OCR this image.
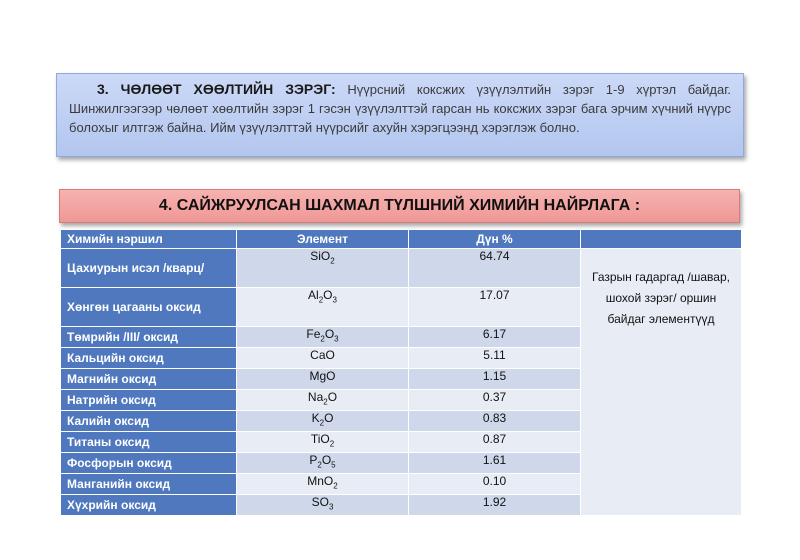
3. ЧӨЛӨӨТ ХӨӨЛТИЙН ЗЭРЭГ: Нүүрсний коксжих үзүүлэлтийн зэрэг 1-9 хүртэл байдаг. Шинжилгээгээр чөлөөт хөөлтийн зэрэг 1 гэсэн үзүүлэлттэй гарсан нь коксжих зэрэг бага эрчим хүчний нүүрс болохыг илтгэж байна. Ийм үзүүлэлттэй нүүрсийг ахуйн хэрэгцээнд хэрэглэж болно.
4. САЙЖРУУЛСАН ШАХМАЛ ТҮЛШНИЙ ХИМИЙН НАЙРЛАГА :
Химийн нэршил	Элемент	Дүн %	
Цахиурын исэл /кварц/	SiO$_2$	64.74	Газрын гадаргад /шавар, шохой зэрэг/ оршин байдаг элементүүд
Хөнгөн цагааны оксид	$Al_2O_3$	17.07	
Төмрийн /III/ оксид	$Fe_2O_3$	6.17	
Кальцийн оксид	CaO	5.11	
Магнийн оксид	MgO	1.15	
Натрийн оксид	$Na_2O$	0.37	
Калийн оксид	$K_2O$	0.83	
Титаны оксид	TiO$_2$	0.87	
Фосфорын оксид	$P_2O_5$	1.61	
Манганийн оксид	MnO$_2$	0.10	
Хүхрийн оксид	$SO_3$	1.92	
